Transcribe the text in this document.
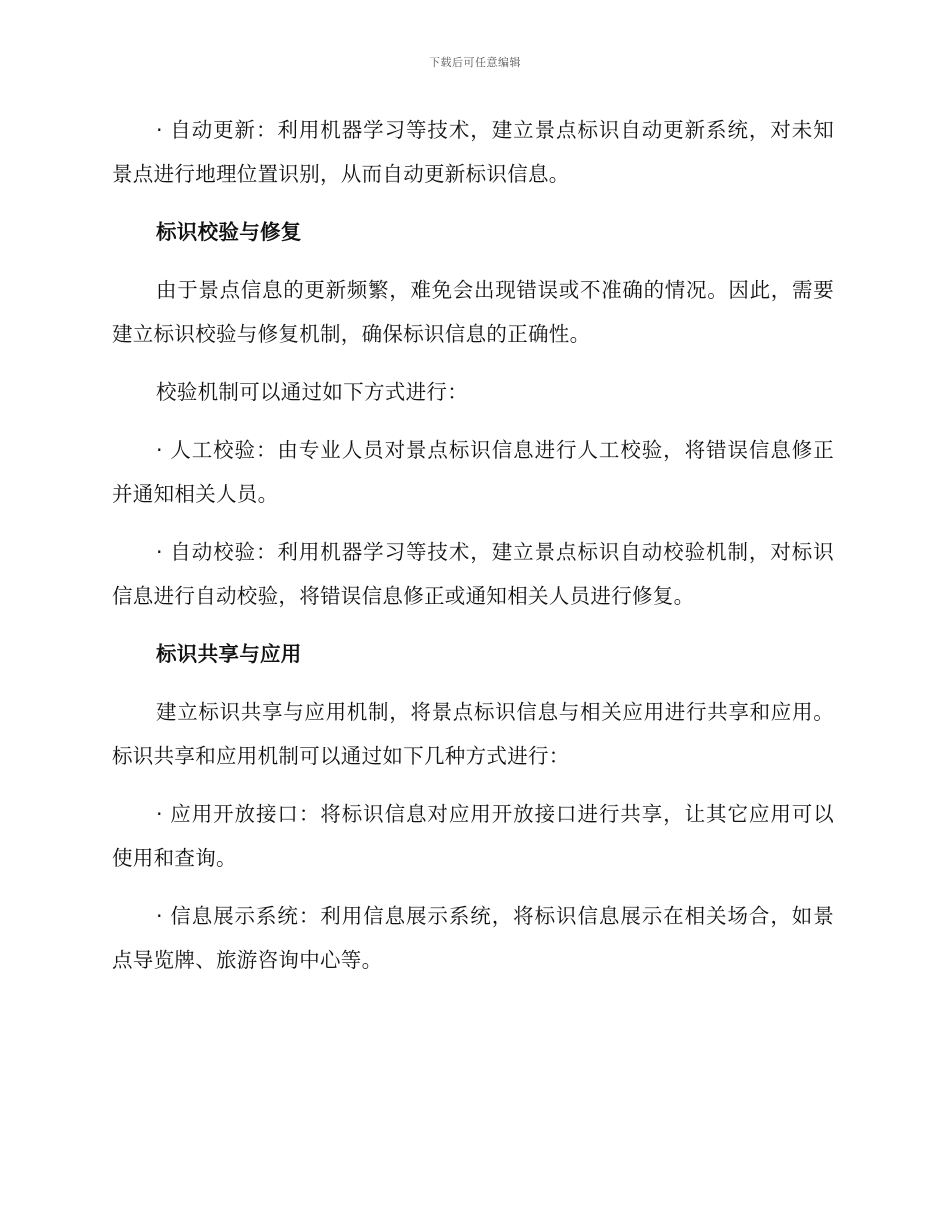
下载后可任意编辑

· 自动更新：利用机器学习等技术，建立景点标识自动更新系统，对未知景点进行地理位置识别，从而自动更新标识信息。

标识校验与修复

由于景点信息的更新频繁，难免会出现错误或不准确的情况。因此，需要建立标识校验与修复机制，确保标识信息的正确性。

校验机制可以通过如下方式进行：

· 人工校验：由专业人员对景点标识信息进行人工校验，将错误信息修正并通知相关人员。

· 自动校验：利用机器学习等技术，建立景点标识自动校验机制，对标识信息进行自动校验，将错误信息修正或通知相关人员进行修复。

标识共享与应用

建立标识共享与应用机制，将景点标识信息与相关应用进行共享和应用。标识共享和应用机制可以通过如下几种方式进行：

· 应用开放接口：将标识信息对应用开放接口进行共享，让其它应用可以使用和查询。

· 信息展示系统：利用信息展示系统，将标识信息展示在相关场合，如景点导览牌、旅游咨询中心等。
